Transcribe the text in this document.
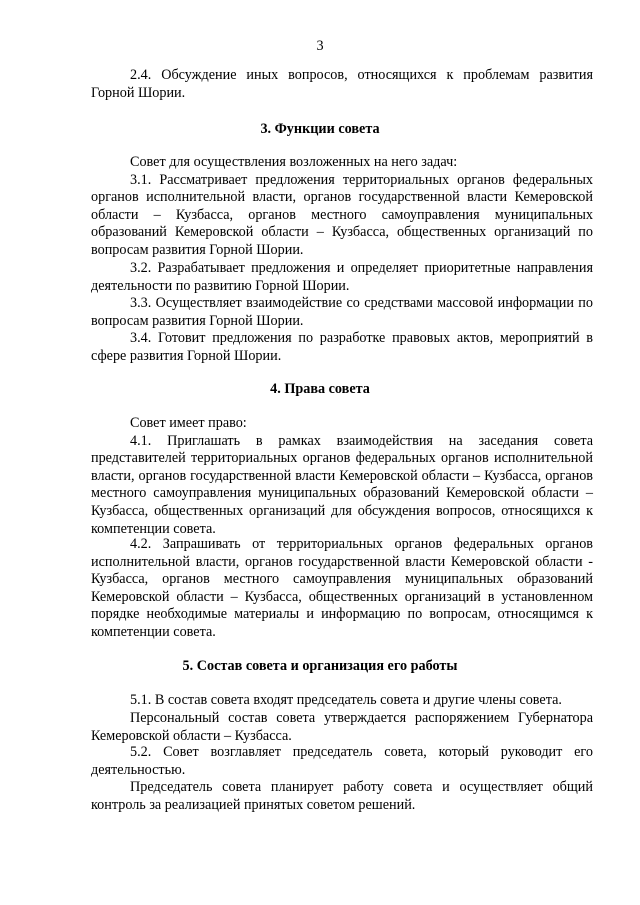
3

2.4. Обсуждение иных вопросов, относящихся к проблемам развития Горной Шории.

3. Функции совета

Совет для осуществления возложенных на него задач:

3.1. Рассматривает предложения территориальных органов федеральных органов исполнительной власти, органов государственной власти Кемеровской области – Кузбасса, органов местного самоуправления муниципальных образований Кемеровской области – Кузбасса, общественных организаций по вопросам развития Горной Шории.

3.2. Разрабатывает предложения и определяет приоритетные направления деятельности по развитию Горной Шории.

3.3. Осуществляет взаимодействие со средствами массовой информации по вопросам развития Горной Шории.

3.4. Готовит предложения по разработке правовых актов, мероприятий в сфере развития Горной Шории.

4. Права совета

Совет имеет право:

4.1. Приглашать в рамках взаимодействия на заседания совета представителей территориальных органов федеральных органов исполнительной власти, органов государственной власти Кемеровской области – Кузбасса, органов местного самоуправления муниципальных образований Кемеровской области – Кузбасса, общественных организаций для обсуждения вопросов, относящихся к компетенции совета.

4.2. Запрашивать от территориальных органов федеральных органов исполнительной власти, органов государственной власти Кемеровской области - Кузбасса, органов местного самоуправления муниципальных образований Кемеровской области – Кузбасса, общественных организаций в установленном порядке необходимые материалы и информацию по вопросам, относящимся к компетенции совета.

5. Состав совета и организация его работы

5.1. В состав совета входят председатель совета и другие члены совета.

Персональный состав совета утверждается распоряжением Губернатора Кемеровской области – Кузбасса.

5.2. Совет возглавляет председатель совета, который руководит его деятельностью.

Председатель совета планирует работу совета и осуществляет общий контроль за реализацией принятых советом решений.
